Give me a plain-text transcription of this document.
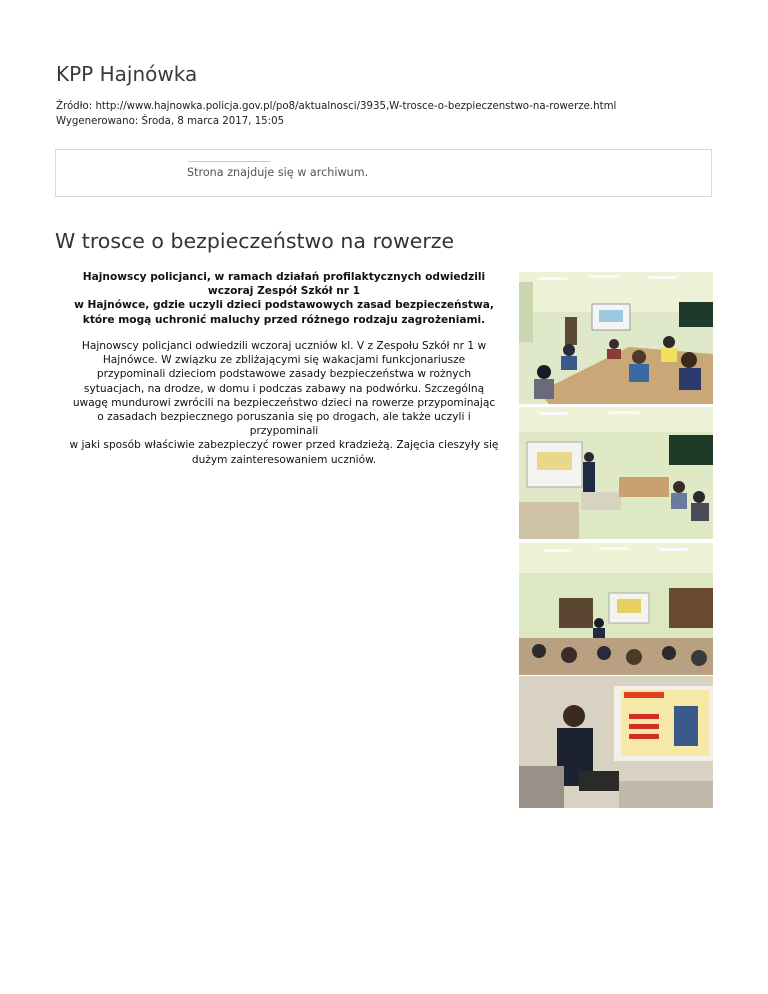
KPP Hajnówka
Źródło: http://www.hajnowka.policja.gov.pl/po8/aktualnosci/3935,W-trosce-o-bezpieczenstwo-na-rowerze.html
Wygenerowano: Środa, 8 marca 2017, 15:05
Strona znajduje się w archiwum.
W trosce o bezpieczeństwo na rowerze
Hajnowscy policjanci, w ramach działań profilaktycznych odwiedzili
wczoraj Zespół Szkół nr 1
w Hajnówce, gdzie uczyli dzieci podstawowych zasad bezpieczeństwa,
które mogą uchronić maluchy przed różnego rodzaju zagrożeniami.
Hajnowscy policjanci odwiedzili wczoraj uczniów kl. V z Zespołu Szkół nr 1 w
Hajnówce. W związku ze zbliżającymi się wakacjami funkcjonariusze
przypominali dzieciom podstawowe zasady bezpieczeństwa w rożnych
sytuacjach, na drodze, w domu i podczas zabawy na podwórku. Szczególną
uwagę mundurowi zwrócili na bezpieczeństwo dzieci na rowerze przypominając
o zasadach bezpiecznego poruszania się po drogach, ale także uczyli i
przypominali
w jaki sposób właściwie zabezpieczyć rower przed kradzieżą. Zajęcia cieszyły się
dużym zainteresowaniem uczniów.
